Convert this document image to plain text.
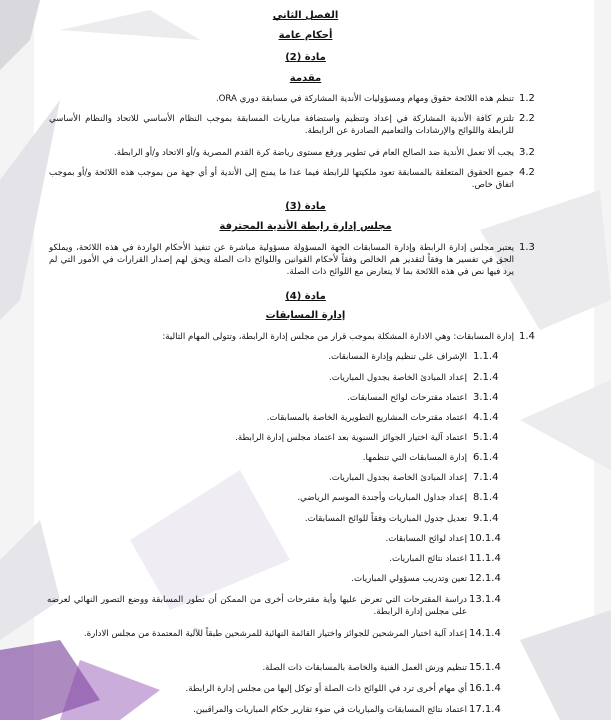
الفصل الثاني
أحكام عامة
مادة (2)
مقدمة
1.2
تنظم هذه اللائحة حقوق ومهام ومسؤوليات الأندية المشاركة في مسابقة دوري ORA.
2.2
تلتزم كافة الأندية المشاركة في إعداد وتنظيم واستضافة مباريات المسابقة بموجب النظام الأساسي للاتحاد والنظام الأساسي للرابطة واللوائح والإرشادات والتعاميم الصادرة عن الرابطة.
3.2
يجب ألا تعمل الأندية ضد الصالح العام في تطوير ورفع مستوى رياضة كرة القدم المصرية و/أو الاتحاد و/أو الرابطة.
4.2
جميع الحقوق المتعلقة بالمسابقة تعود ملكيتها للرابطة فيما عدا ما يمنح إلى الأندية أو أي جهة من بموجب هذه اللائحة و/أو بموجب اتفاق خاص.
مادة (3)
مجلس إدارة رابطة الأندية المحترفة
1.3
يعتبر مجلس إدارة الرابطة وإدارة المسابقات الجهة المسؤولة مسؤولية مباشرة عن تنفيذ الأحكام الواردة في هذه اللائحة، ويملكو الحق في تفسير ها وفقاً لتقدير هم الخالص وفقاً لأحكام القوانين واللوائح ذات الصلة ويحق لهم إصدار القرارات في الأمور التي لم يرد فيها نص في هذه اللائحة بما لا يتعارض مع اللوائح ذات الصلة.
مادة (4)
إدارة المسابقات
1.4
إدارة المسابقات: وهي الادارة المشكلة بموجب قرار من مجلس إدارة الرابطة، وتتولى المهام التالية:
1.1.4
الإشراف على تنظيم وإدارة المسابقات.
2.1.4
إعداد المبادئ الخاصة بجدول المباريات.
3.1.4
اعتماد مقترحات لوائح المسابقات.
4.1.4
اعتماد مقترحات المشاريع التطويرية الخاصة بالمسابقات.
5.1.4
اعتماد آلية اختيار الجوائز السنوية بعد اعتماد مجلس إدارة الرابطة.
6.1.4
إدارة المسابقات التي تنظمها.
7.1.4
إعداد المبادئ الخاصة بجدول المباريات.
8.1.4
إعداد جداول المباريات وأجندة الموسم الرياضي.
9.1.4
تعديل جدول المباريات وفقاً للوائح المسابقات.
10.1.4
إعداد لوائح المسابقات.
11.1.4
اعتماد نتائج المباريات.
12.1.4
تعين وتدريب مسؤولي المباريات.
13.1.4
دراسة المقترحات التي تعرض عليها وأية مقترحات أخرى من الممكن أن تطور المسابقة ووضع التصور النهائي لعرضه على مجلس إدارة الرابطة.
14.1.4
إعداد آلية اختيار المرشحين للجوائز واختيار القائمة النهائية للمرشحين طبقاً للآلية المعتمدة من مجلس الادارة.
15.1.4
تنظيم ورش العمل الفنية والخاصة بالمسابقات ذات الصلة.
16.1.4
أي مهام أخرى ترد في اللوائح ذات الصلة أو توكل إليها من مجلس إدارة الرابطة.
17.1.4
اعتماد نتائج المسابقات والمباريات في ضوء تقارير حكام المباريات والمراقبين.
